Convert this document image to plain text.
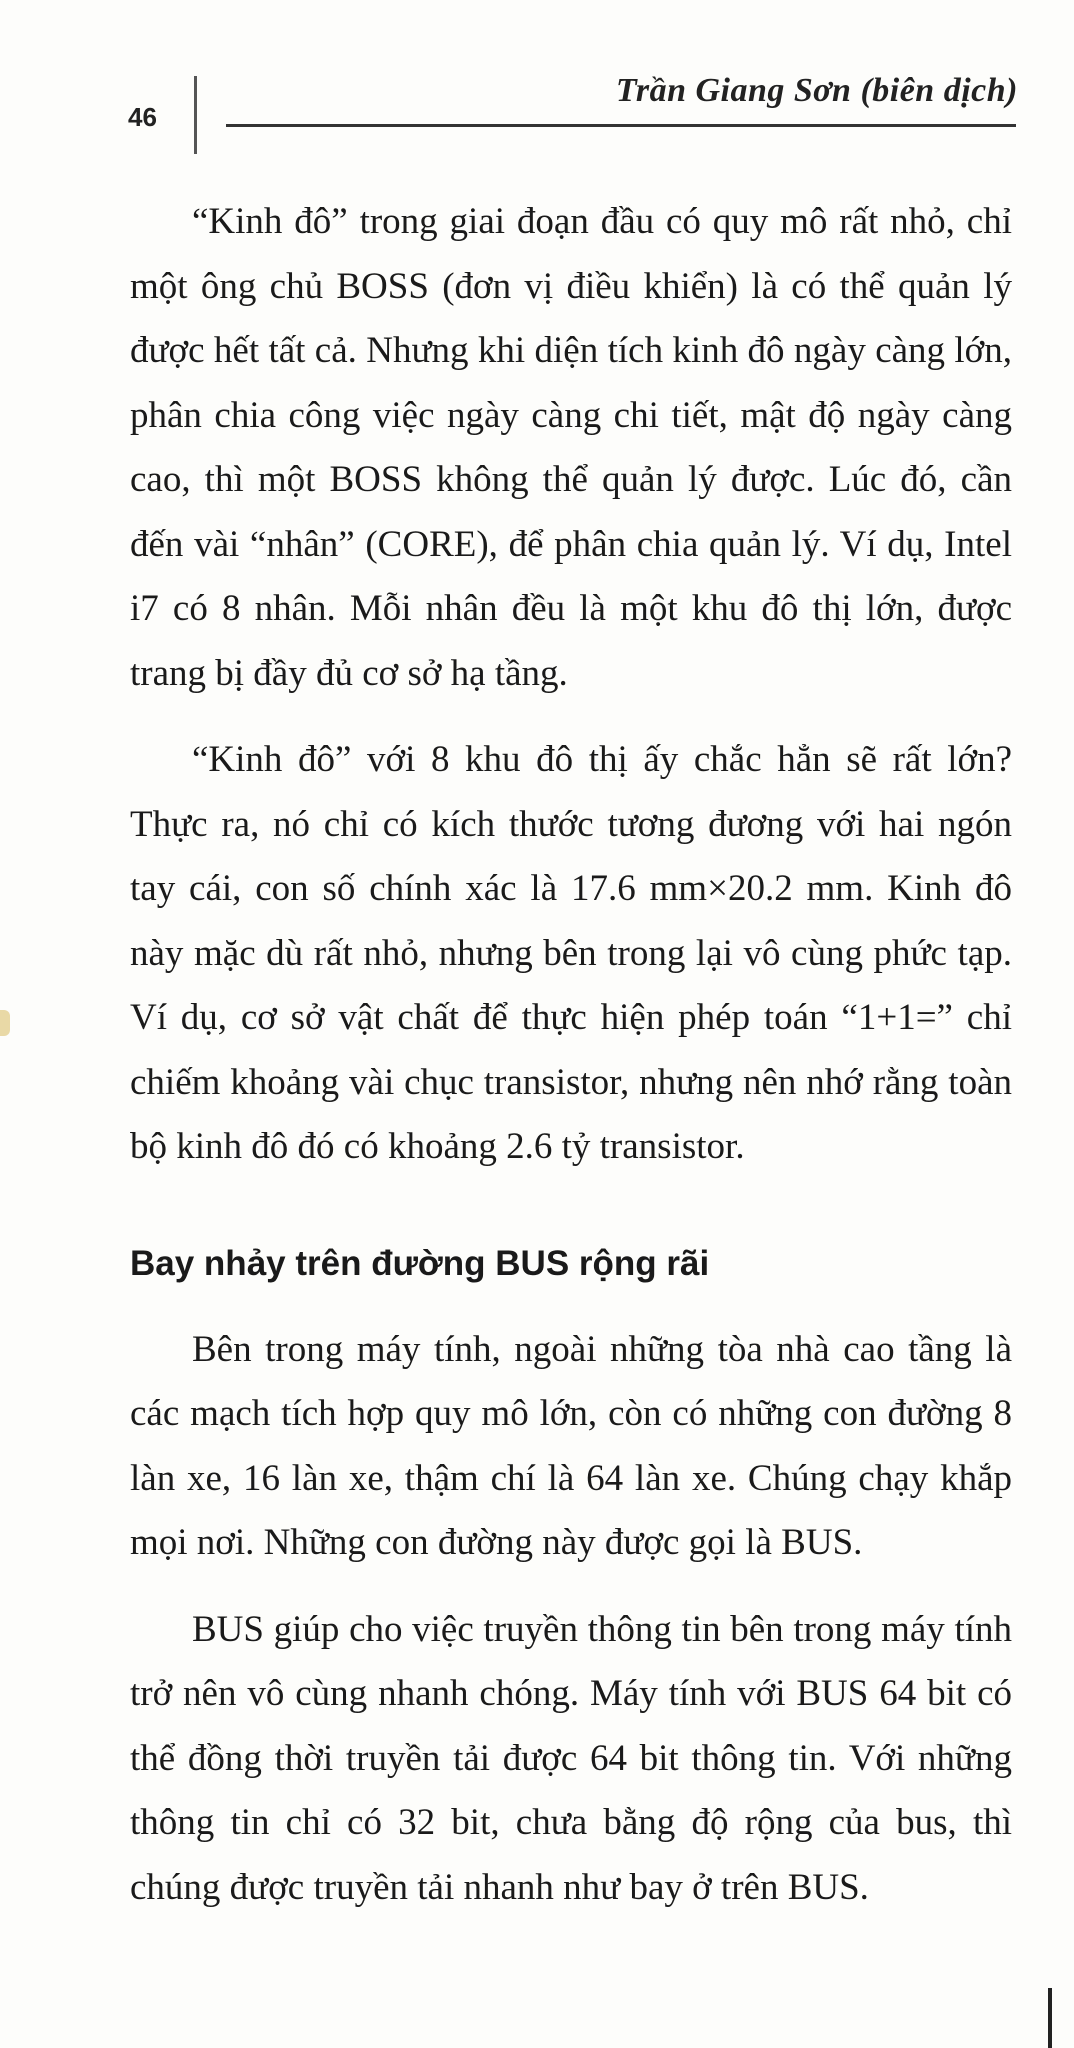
46
Trần Giang Sơn (biên dịch)

“Kinh đô” trong giai đoạn đầu có quy mô rất nhỏ, chỉ một ông chủ BOSS (đơn vị điều khiển) là có thể quản lý được hết tất cả. Nhưng khi diện tích kinh đô ngày càng lớn, phân chia công việc ngày càng chi tiết, mật độ ngày càng cao, thì một BOSS không thể quản lý được. Lúc đó, cần đến vài “nhân” (CORE), để phân chia quản lý. Ví dụ, Intel i7 có 8 nhân. Mỗi nhân đều là một khu đô thị lớn, được trang bị đầy đủ cơ sở hạ tầng.

“Kinh đô” với 8 khu đô thị ấy chắc hẳn sẽ rất lớn? Thực ra, nó chỉ có kích thước tương đương với hai ngón tay cái, con số chính xác là 17.6 mm×20.2 mm. Kinh đô này mặc dù rất nhỏ, nhưng bên trong lại vô cùng phức tạp. Ví dụ, cơ sở vật chất để thực hiện phép toán “1+1=” chỉ chiếm khoảng vài chục transistor, nhưng nên nhớ rằng toàn bộ kinh đô đó có khoảng 2.6 tỷ transistor.

Bay nhảy trên đường BUS rộng rãi

Bên trong máy tính, ngoài những tòa nhà cao tầng là các mạch tích hợp quy mô lớn, còn có những con đường 8 làn xe, 16 làn xe, thậm chí là 64 làn xe. Chúng chạy khắp mọi nơi. Những con đường này được gọi là BUS.

BUS giúp cho việc truyền thông tin bên trong máy tính trở nên vô cùng nhanh chóng. Máy tính với BUS 64 bit có thể đồng thời truyền tải được 64 bit thông tin. Với những thông tin chỉ có 32 bit, chưa bằng độ rộng của bus, thì chúng được truyền tải nhanh như bay ở trên BUS.
